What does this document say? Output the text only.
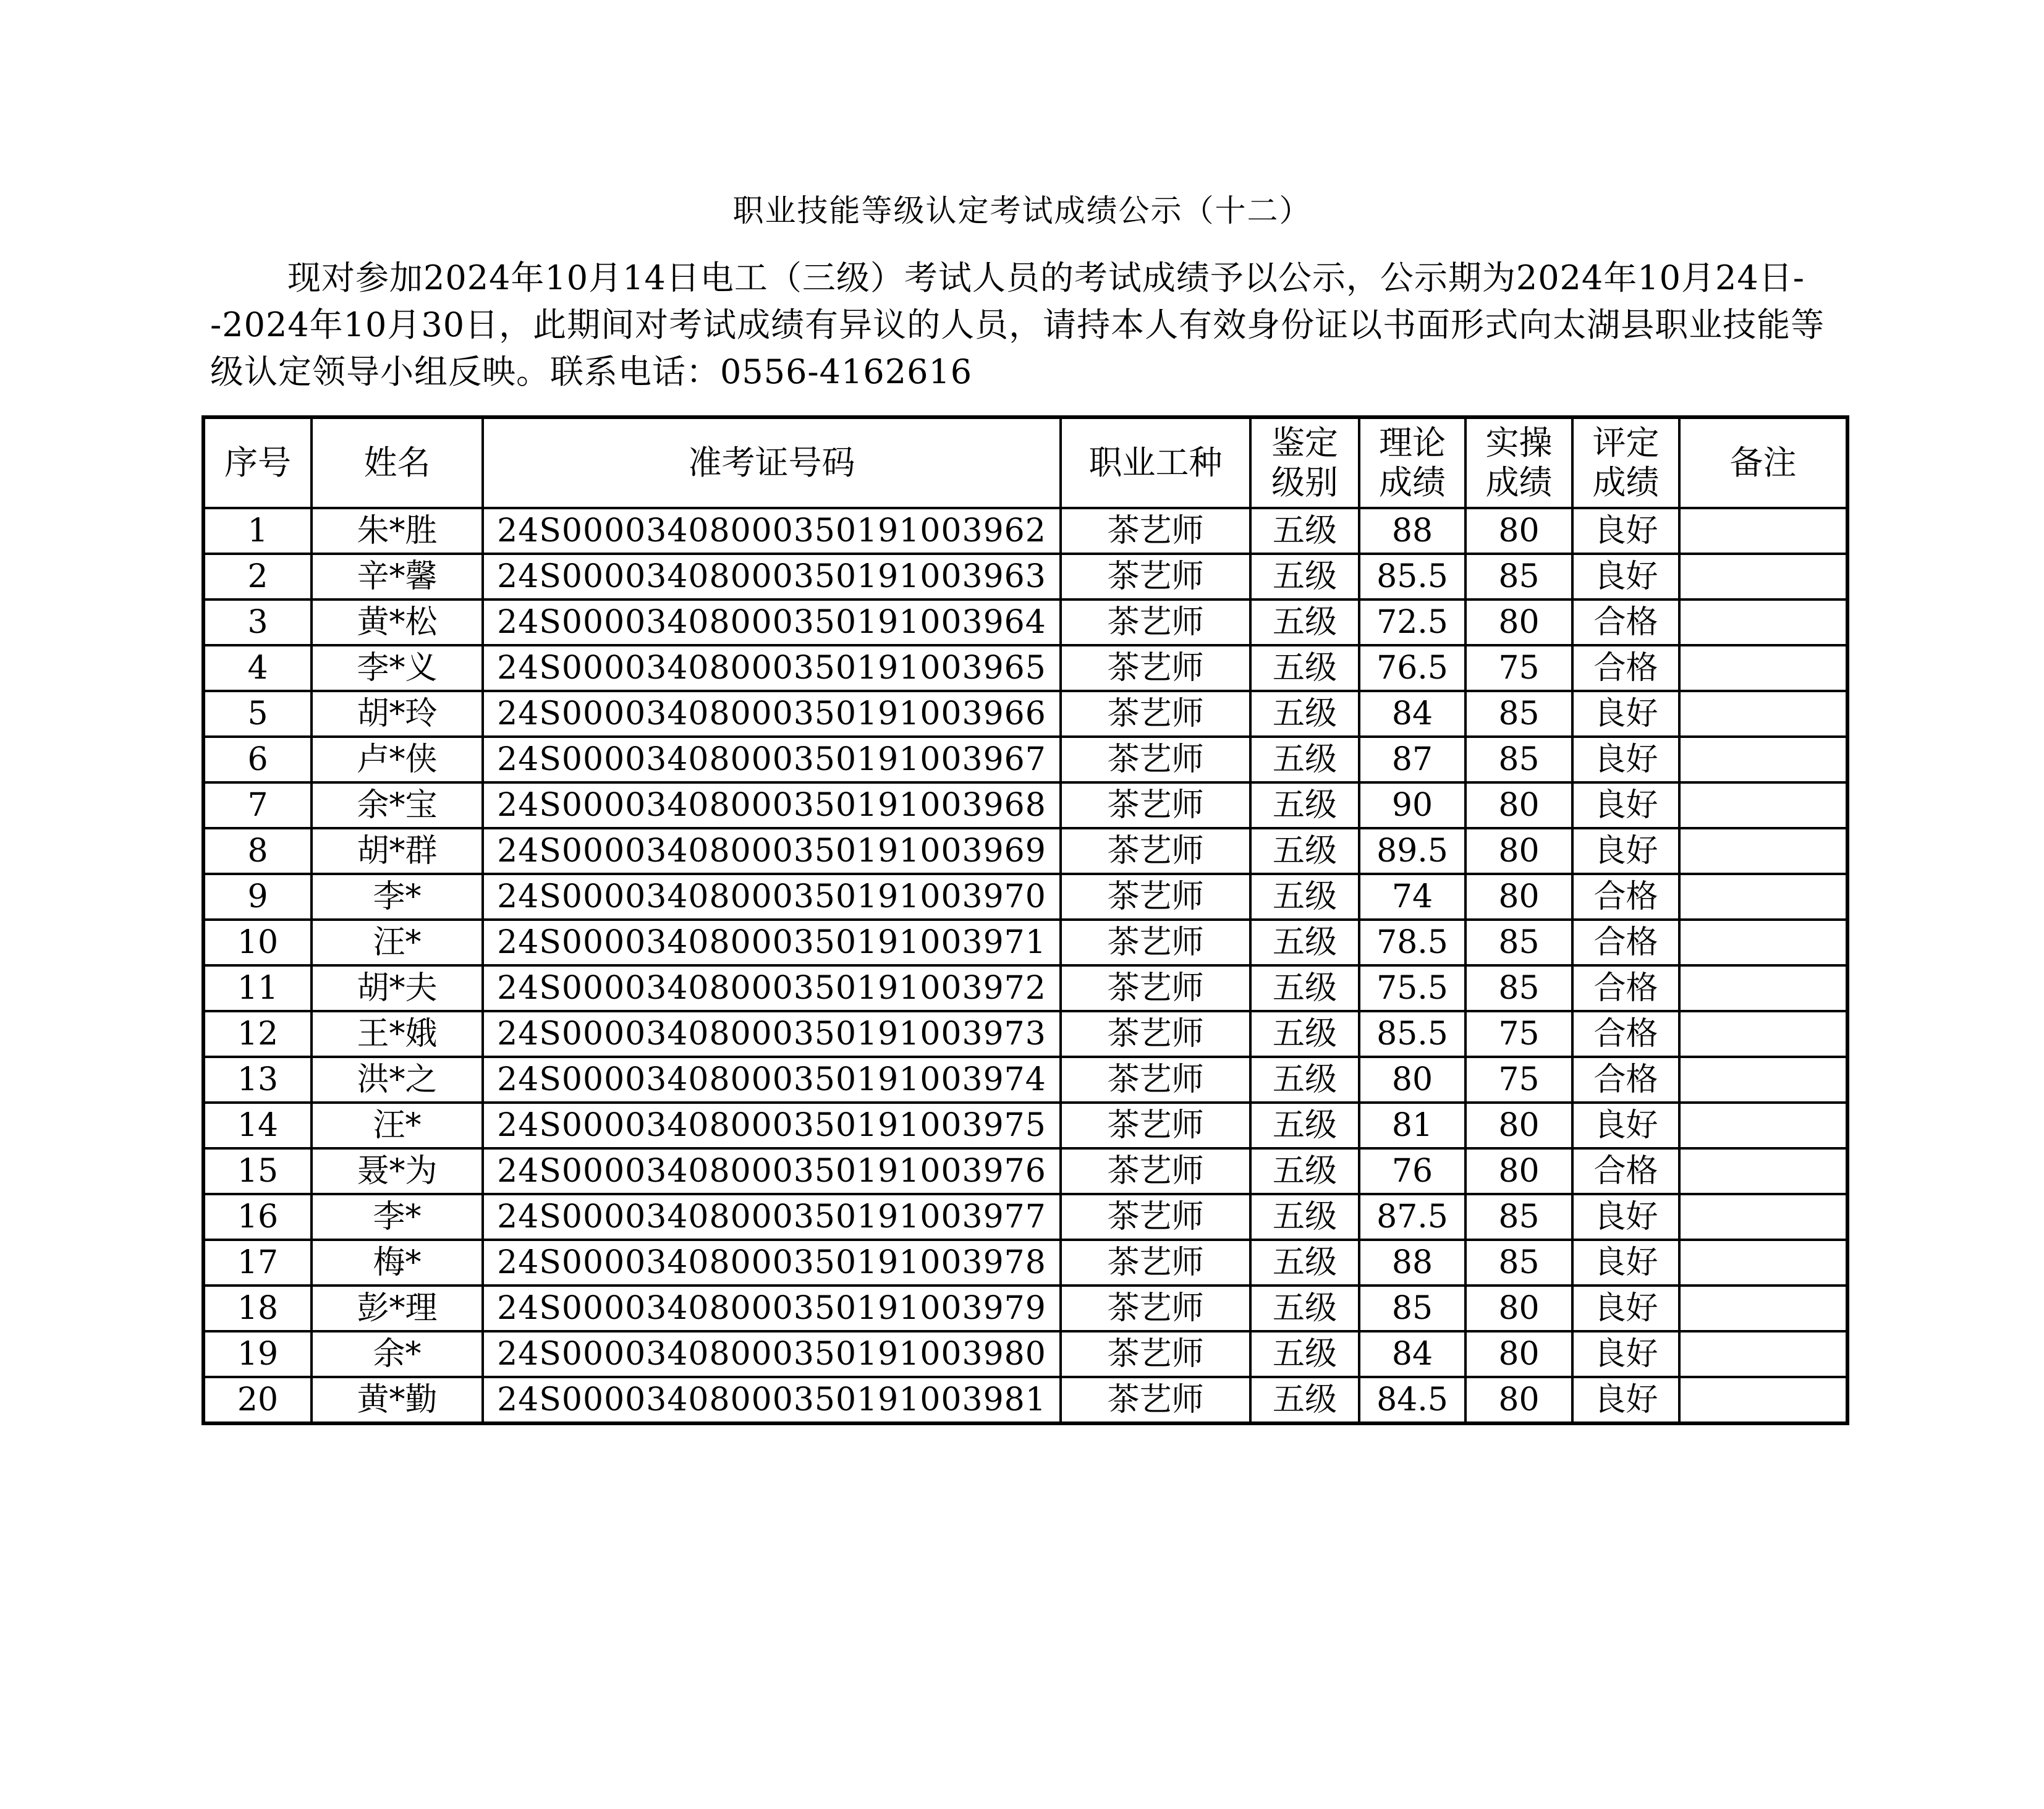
职业技能等级认定考试成绩公示（十二）
现对参加2024年10月14日电工（三级）考试人员的考试成绩予以公示，公示期为2024年10月24日--2024年10月30日，此期间对考试成绩有异议的人员，请持本人有效身份证以书面形式向太湖县职业技能等级认定领导小组反映。联系电话：0556-4162616
序号	姓名	准考证号码	职业工种	鉴定级别	理论成绩	实操成绩	评定成绩	备注
1	朱*胜	24S00003408000350191003962	茶艺师	五级	88	80	良好	
2	辛*馨	24S00003408000350191003963	茶艺师	五级	85.5	85	良好	
3	黄*松	24S00003408000350191003964	茶艺师	五级	72.5	80	合格	
4	李*义	24S00003408000350191003965	茶艺师	五级	76.5	75	合格	
5	胡*玲	24S00003408000350191003966	茶艺师	五级	84	85	良好	
6	卢*侠	24S00003408000350191003967	茶艺师	五级	87	85	良好	
7	余*宝	24S00003408000350191003968	茶艺师	五级	90	80	良好	
8	胡*群	24S00003408000350191003969	茶艺师	五级	89.5	80	良好	
9	李*	24S00003408000350191003970	茶艺师	五级	74	80	合格	
10	汪*	24S00003408000350191003971	茶艺师	五级	78.5	85	合格	
11	胡*夫	24S00003408000350191003972	茶艺师	五级	75.5	85	合格	
12	王*娥	24S00003408000350191003973	茶艺师	五级	85.5	75	合格	
13	洪*之	24S00003408000350191003974	茶艺师	五级	80	75	合格	
14	汪*	24S00003408000350191003975	茶艺师	五级	81	80	良好	
15	聂*为	24S00003408000350191003976	茶艺师	五级	76	80	合格	
16	李*	24S00003408000350191003977	茶艺师	五级	87.5	85	良好	
17	梅*	24S00003408000350191003978	茶艺师	五级	88	85	良好	
18	彭*理	24S00003408000350191003979	茶艺师	五级	85	80	良好	
19	余*	24S00003408000350191003980	茶艺师	五级	84	80	良好	
20	黄*勤	24S00003408000350191003981	茶艺师	五级	84.5	80	良好	
